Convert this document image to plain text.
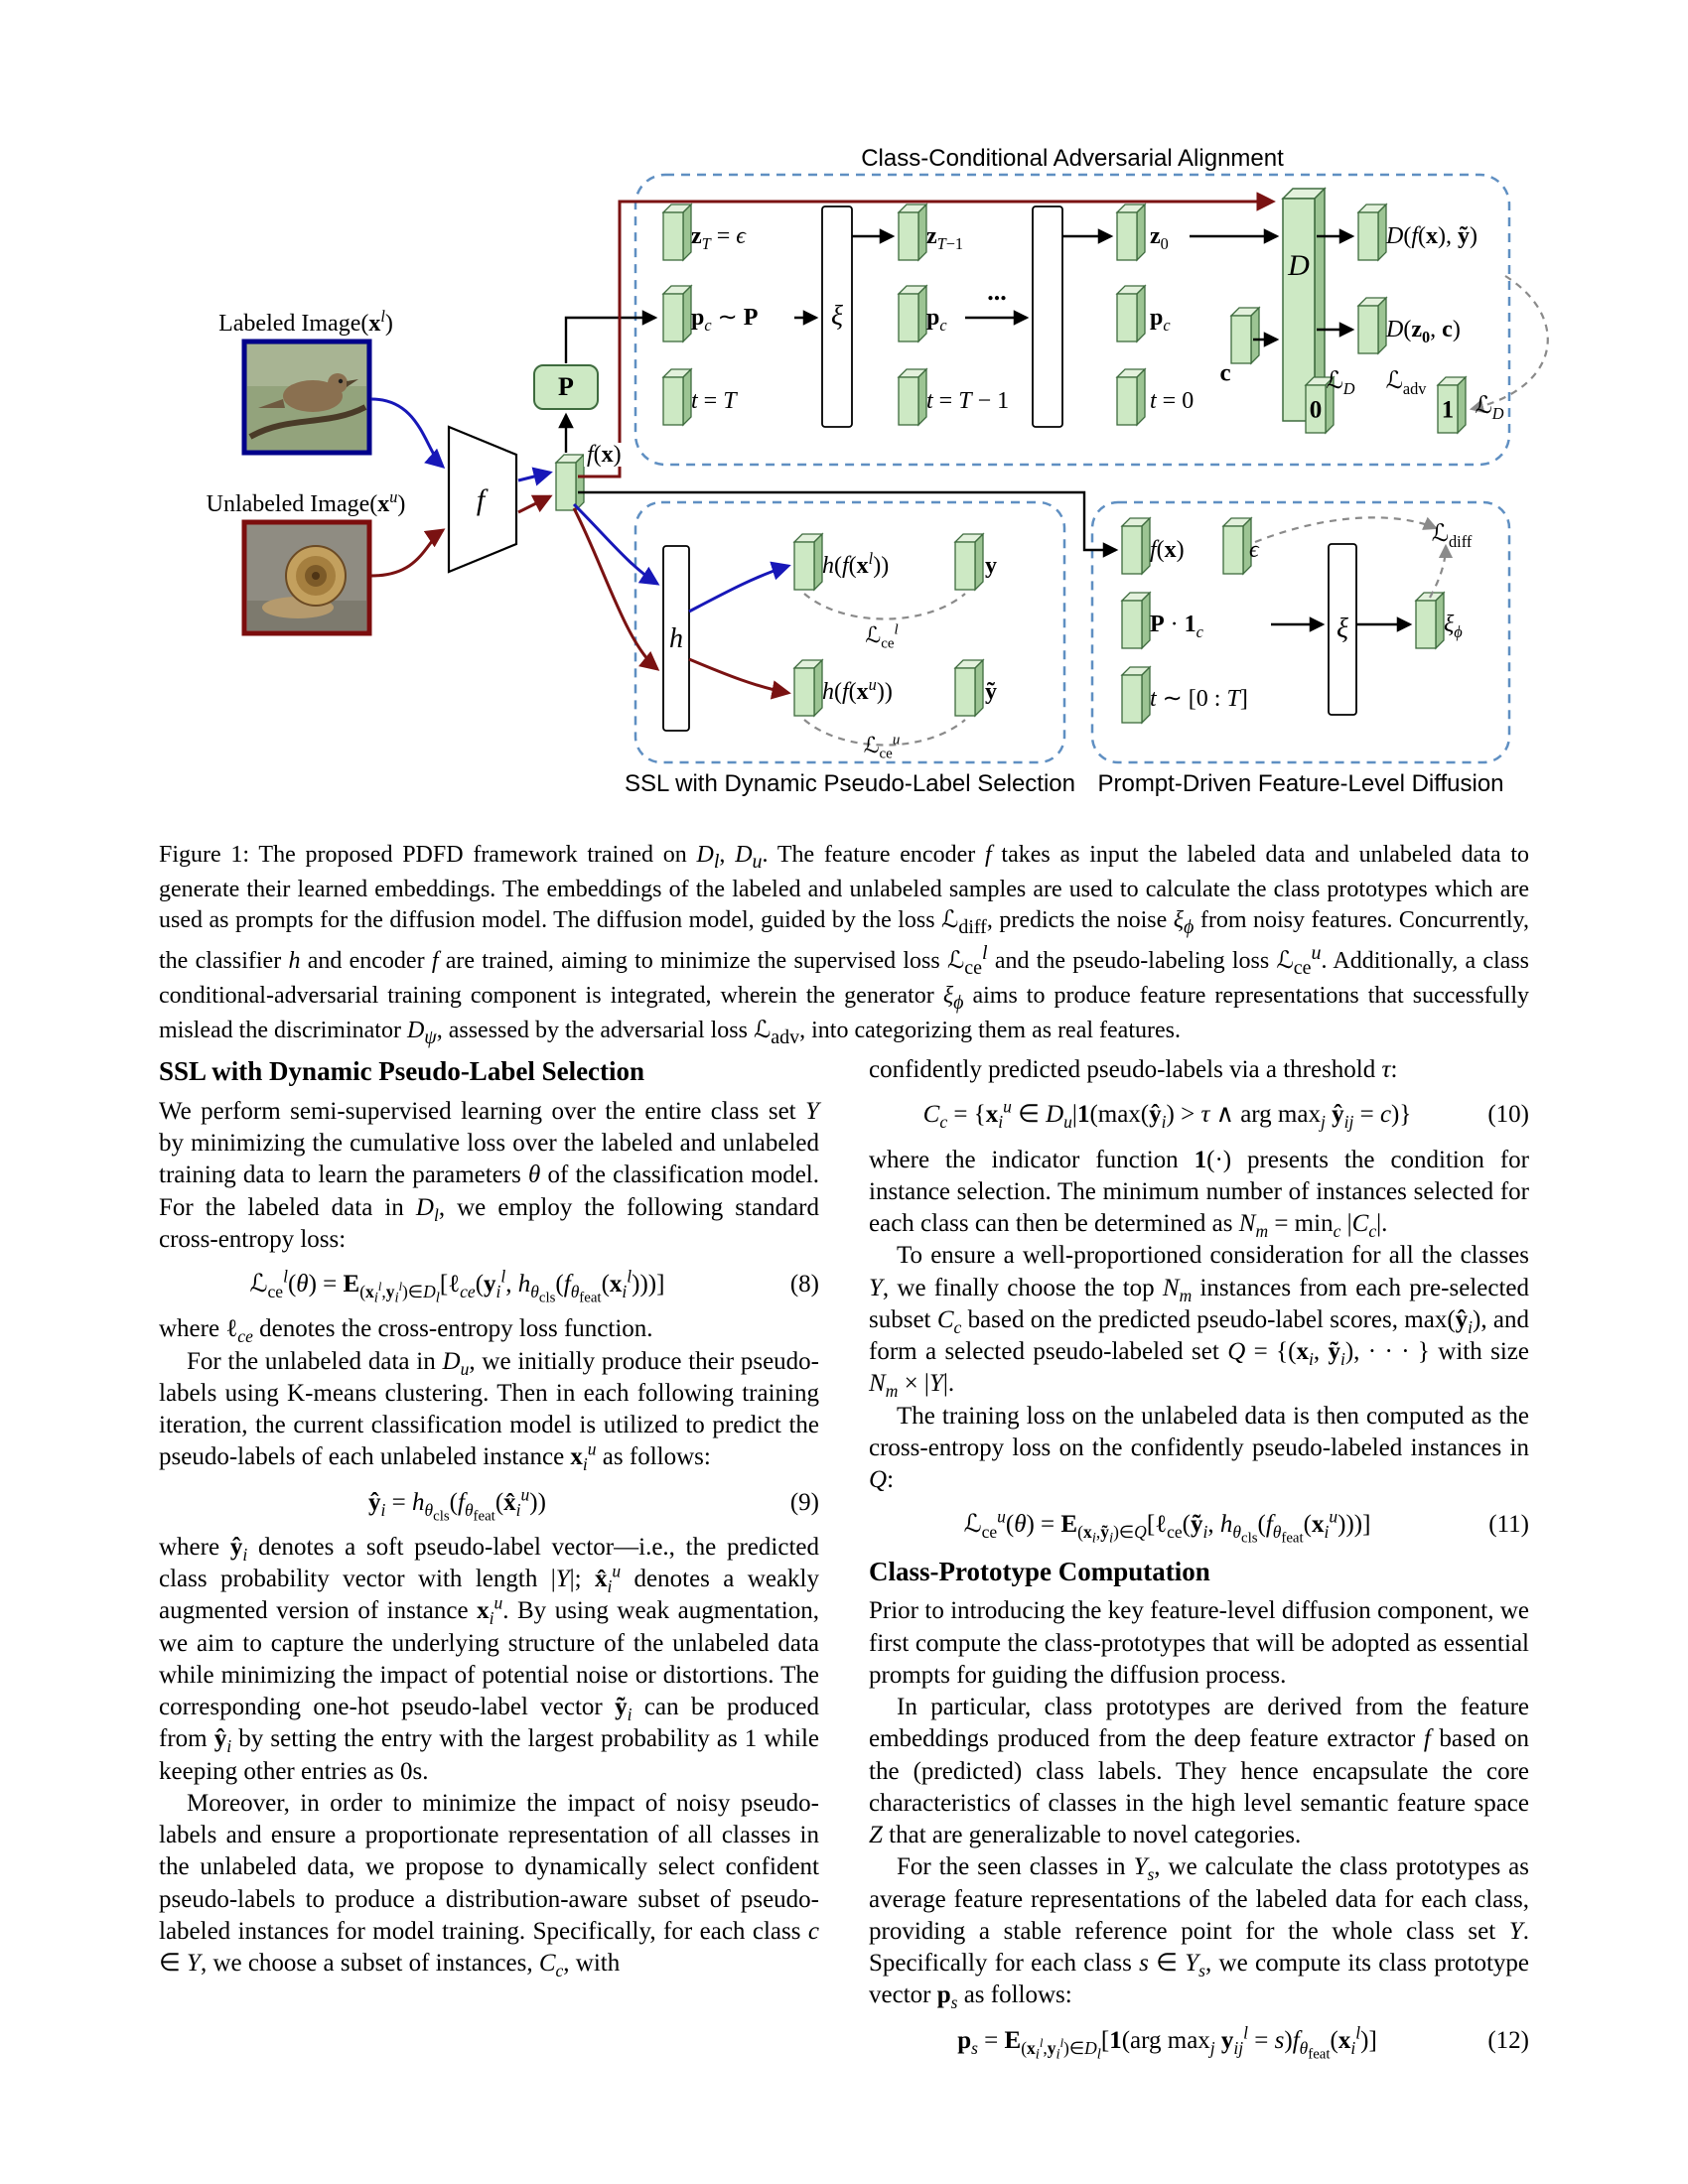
Class-Conditional Adversarial Alignment
$z_T = \epsilon$
$p_c$ ∼ P
t = T
ξ
$z_{T-1}$
$p_c$
...
t = T − 1
$z_0$
$p_c$
t = 0
c
D
D(f(x), ỹ)
$D(z_0$, c)
ℒ$_D$ ℒ$_{adv}$
0	1 ℒ$_D$
Labeled $Image(x^l)$
Unlabeled $Image(x^u)$ f
P
f(x)
h
$h(f(x^l))$	y
ℒ$_{ce}^l$
$h(f(x^u))$	ỹ
ℒ$_{ce}^u$
SSL with Dynamic Pseudo-Label Selection
f(x)	ϵ
$P \cdot 1_c$
t ∼ [0 : T]
ξ	$\xi_\phi$
ℒ$_{diff}$
Prompt-Driven Feature-Level Diffusion
Figure 1: The proposed PDFD framework trained on $D_l$, $D_u$. The feature encoder f takes as input the labeled data and unlabeled data to generate their learned embeddings. The embeddings of the labeled and unlabeled samples are used to calculate the class prototypes which are used as prompts for the diffusion model. The diffusion model, guided by the loss ℒ$_{diff}$, predicts the noise $\xi_\phi$ from noisy features. Concurrently, the classifier h and encoder f are trained, aiming to minimize the supervised loss ℒ$_{ce}^l$ and the pseudo-labeling loss ℒ$_{ce}^u$. Additionally, a class conditional-adversarial training component is integrated, wherein the generator $\xi_\phi$ aims to produce feature representations that successfully mislead the discriminator $D_\psi$, assessed by the adversarial loss ℒ$_{adv}$, into categorizing them as real features.
SSL with Dynamic Pseudo-Label Selection

We perform semi-supervised learning over the entire class set Y by minimizing the cumulative loss over the labeled and unlabeled training data to learn the parameters θ of the classification model. For the labeled data in $D_l$, we employ the following standard cross-entropy loss:

ℒ$_{ce}^l$(θ) = $E_{(x_i^l,y_i^l)\in D_l}[\ell_{ce}(y_i^l$, $h_{\theta_{cls}}(f_{\theta_{feat}}(x_i^l))$)]	(8)

where ℓ$_{ce}$ denotes the cross-entropy loss function.

For the unlabeled data in $D_u$, we initially produce their pseudo-labels using K-means clustering. Then in each following training iteration, the current classification model is utilized to predict the pseudo-labels of each unlabeled instance $x_i^u$ as follows:

$ŷ_i$ = $h_{\theta_{cls}}(f_{\theta_{feat}}(x̂_i^u))$	(9)

where $ŷ_i$ denotes a soft pseudo-label vector—i.e., the predicted class probability vector with length |Y|; $x̂_i^u$ denotes a weakly augmented version of instance $x_i^u$. By using weak augmentation, we aim to capture the underlying structure of the unlabeled data while minimizing the impact of potential noise or distortions. The corresponding one-hot pseudo-label vector ỹ$_i$ can be produced from $ŷ_i$ by setting the entry with the largest probability as 1 while keeping other entries as 0s.

Moreover, in order to minimize the impact of noisy pseudo-labels and ensure a proportionate representation of all classes in the unlabeled data, we propose to dynamically select confident pseudo-labels to produce a distribution-aware subset of pseudo-labeled instances for model training. Specifically, for each class c ∈ Y, we choose a subset of instances, $C_c$, with

confidently predicted pseudo-labels via a threshold τ:

$C_c = \{x_i^u$ ∈ $D_u|1(\max(ŷ_i) > \tau$ ∧ arg $\max_j$ $ŷ_{ij} = c$)}	(10)

where the indicator function 1(·) presents the condition for instance selection. The minimum number of instances selected for each class can then be determined as $N_m = \min_c |C_c|$.

To ensure a well-proportioned consideration for all the classes Y, we finally choose the top $N_m$ instances from each pre-selected subset $C_c$ based on the predicted pseudo-label scores, $\max(ŷ_i)$, and form a selected pseudo-labeled set $Q = \{(x_i$, ỹ$_i$), · · · } with size $N_m \times |Y|$.

The training loss on the unlabeled data is then computed as the cross-entropy loss on the confidently pseudo-labeled instances in Q:

ℒ$_{ce}^u$(θ) = $E_{(x_i,ỹ_i)\in Q}[\ell_{ce}(ỹ_i$, $h_{\theta_{cls}}(f_{\theta_{feat}}(x_i^u))$)]	(11)
Class-Prototype Computation

Prior to introducing the key feature-level diffusion component, we first compute the class-prototypes that will be adopted as essential prompts for guiding the diffusion process.

In particular, class prototypes are derived from the feature embeddings produced from the deep feature extractor f based on the (predicted) class labels. They hence encapsulate the core characteristics of classes in the high level semantic feature space Z that are generalizable to novel categories.

For the seen classes in $Y_s$, we calculate the class prototypes as average feature representations of the labeled data for each class, providing a stable reference point for the whole class set Y. Specifically for each class s ∈ $Y_s$, we compute its class prototype vector $p_s$ as follows:

$p_s = E_{(x_i^l,y_i^l)\in D_l}[1(arg$ $\max_j y_{ij}^l = s)f_{\theta_{feat}}(x_i^l)$]	(12)
